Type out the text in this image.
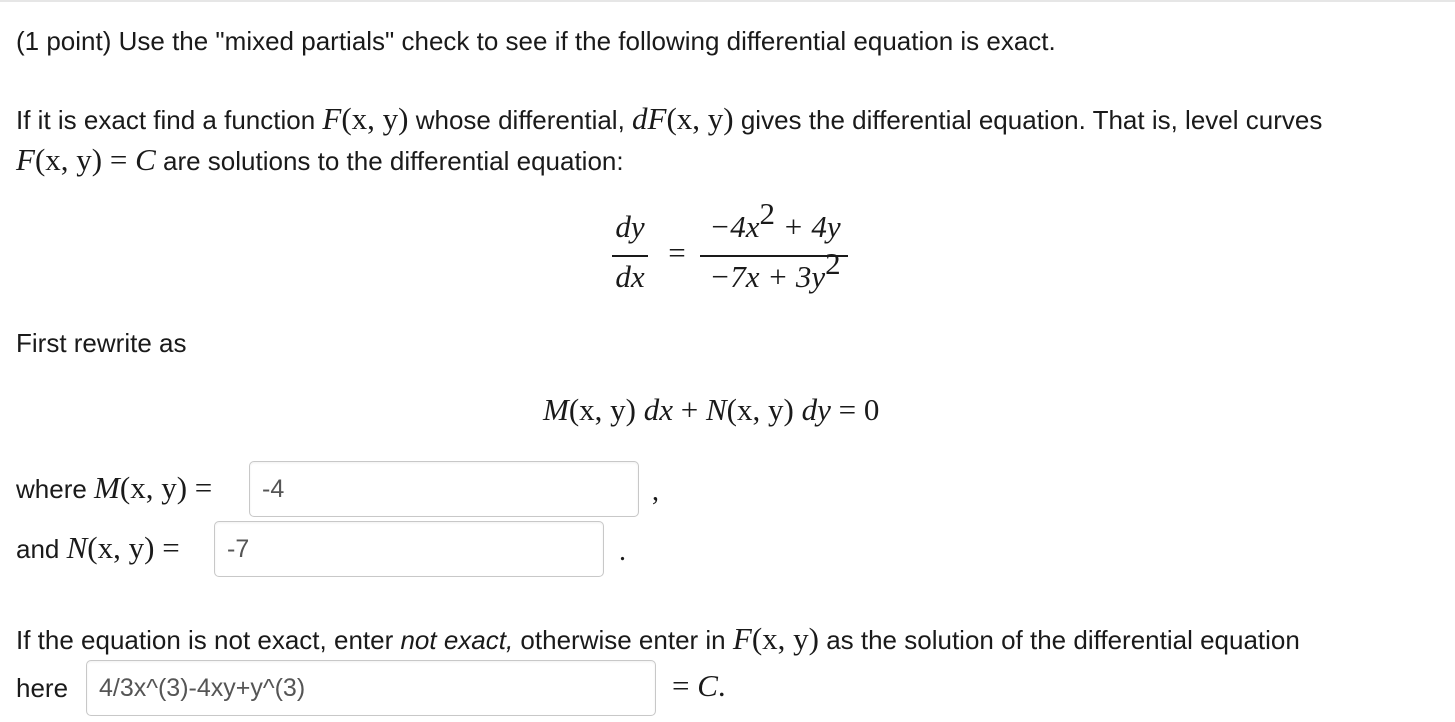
(1 point) Use the "mixed partials" check to see if the following differential equation is exact.
If it is exact find a function F(x, y) whose differential, dF(x, y) gives the differential equation. That is, level curves
F(x, y) = C are solutions to the differential equation:
dy
dx
=
$-4x^2 + 4y$
$-7x + 3y^2$
First rewrite as
M(x, y) dx + N(x, y) dy = 0
where M(x, y) =
-4	,
and N(x, y) =
-7	.
If the equation is not exact, enter not exact, otherwise enter in F(x, y) as the solution of the differential equation
here
4/3x^(3)-4xy+y^(3)	= C.
